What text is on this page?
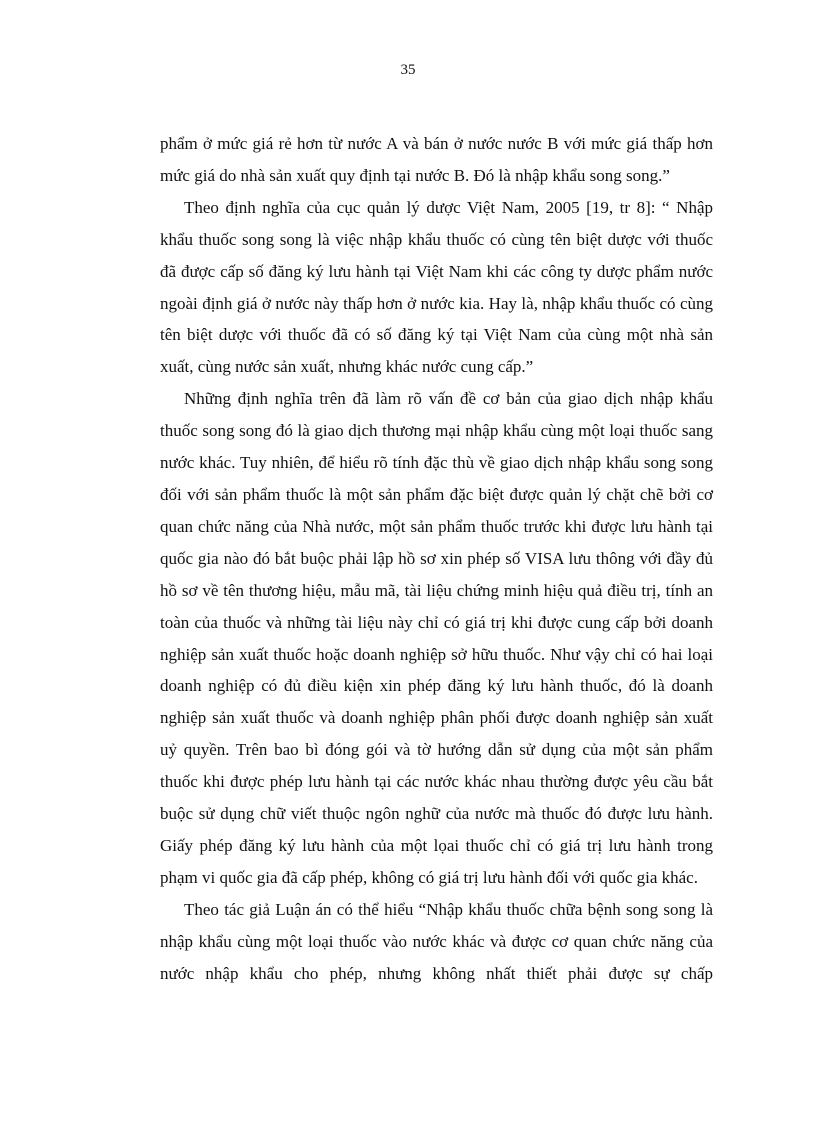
35

phẩm ở mức giá rẻ hơn từ nước A và bán ở nước nước B với mức giá thấp hơn mức giá do nhà sản xuất quy định tại nước B. Đó là nhập khẩu song song.”

Theo định nghĩa của cục quản lý dược Việt Nam, 2005 [19, tr 8]: “ Nhập khẩu thuốc song song là việc nhập khẩu thuốc có cùng tên biệt dược với thuốc đã được cấp số đăng ký lưu hành tại Việt Nam khi các công ty dược phẩm nước ngoài định giá ở nước này thấp hơn ở nước kia. Hay là, nhập khẩu thuốc có cùng tên biệt dược với thuốc đã có số đăng ký tại Việt Nam của cùng một nhà sản xuất, cùng nước sản xuất, nhưng khác nước cung cấp.”

Những định nghĩa trên đã làm rõ vấn đề cơ bản của giao dịch nhập khẩu thuốc song song đó là giao dịch thương mại nhập khẩu cùng một loại thuốc sang nước khác. Tuy nhiên, để hiểu rõ tính đặc thù về giao dịch nhập khẩu song song đối với sản phẩm thuốc là một sản phẩm đặc biệt được quản lý chặt chẽ bởi cơ quan chức năng của Nhà nước, một sản phẩm thuốc trước khi được lưu hành tại quốc gia nào đó bắt buộc phải lập hồ sơ xin phép số VISA lưu thông với đầy đủ hồ sơ về tên thương hiệu, mẫu mã, tài liệu chứng minh hiệu quả điều trị, tính an toàn của thuốc và những tài liệu này chỉ có giá trị khi được cung cấp bởi doanh nghiệp sản xuất thuốc hoặc doanh nghiệp sở hữu thuốc. Như vậy chỉ có hai loại doanh nghiệp có đủ điều kiện xin phép đăng ký lưu hành thuốc, đó là doanh nghiệp sản xuất thuốc và doanh nghiệp phân phối được doanh nghiệp sản xuất uỷ quyền. Trên bao bì đóng gói và tờ hướng dẫn sử dụng của một sản phẩm thuốc khi được phép lưu hành tại các nước khác nhau thường được yêu cầu bắt buộc sử dụng chữ viết thuộc ngôn nghữ của nước mà thuốc đó được lưu hành. Giấy phép đăng ký lưu hành của một lọai thuốc chỉ có giá trị lưu hành trong phạm vi quốc gia đã cấp phép, không có giá trị lưu hành đối với quốc gia khác.

Theo tác giả Luận án có thể hiểu “Nhập khẩu thuốc chữa bệnh song song là nhập khẩu cùng một loại thuốc vào nước khác và được cơ quan chức năng của nước nhập khẩu cho phép, nhưng không nhất thiết phải được sự chấp
